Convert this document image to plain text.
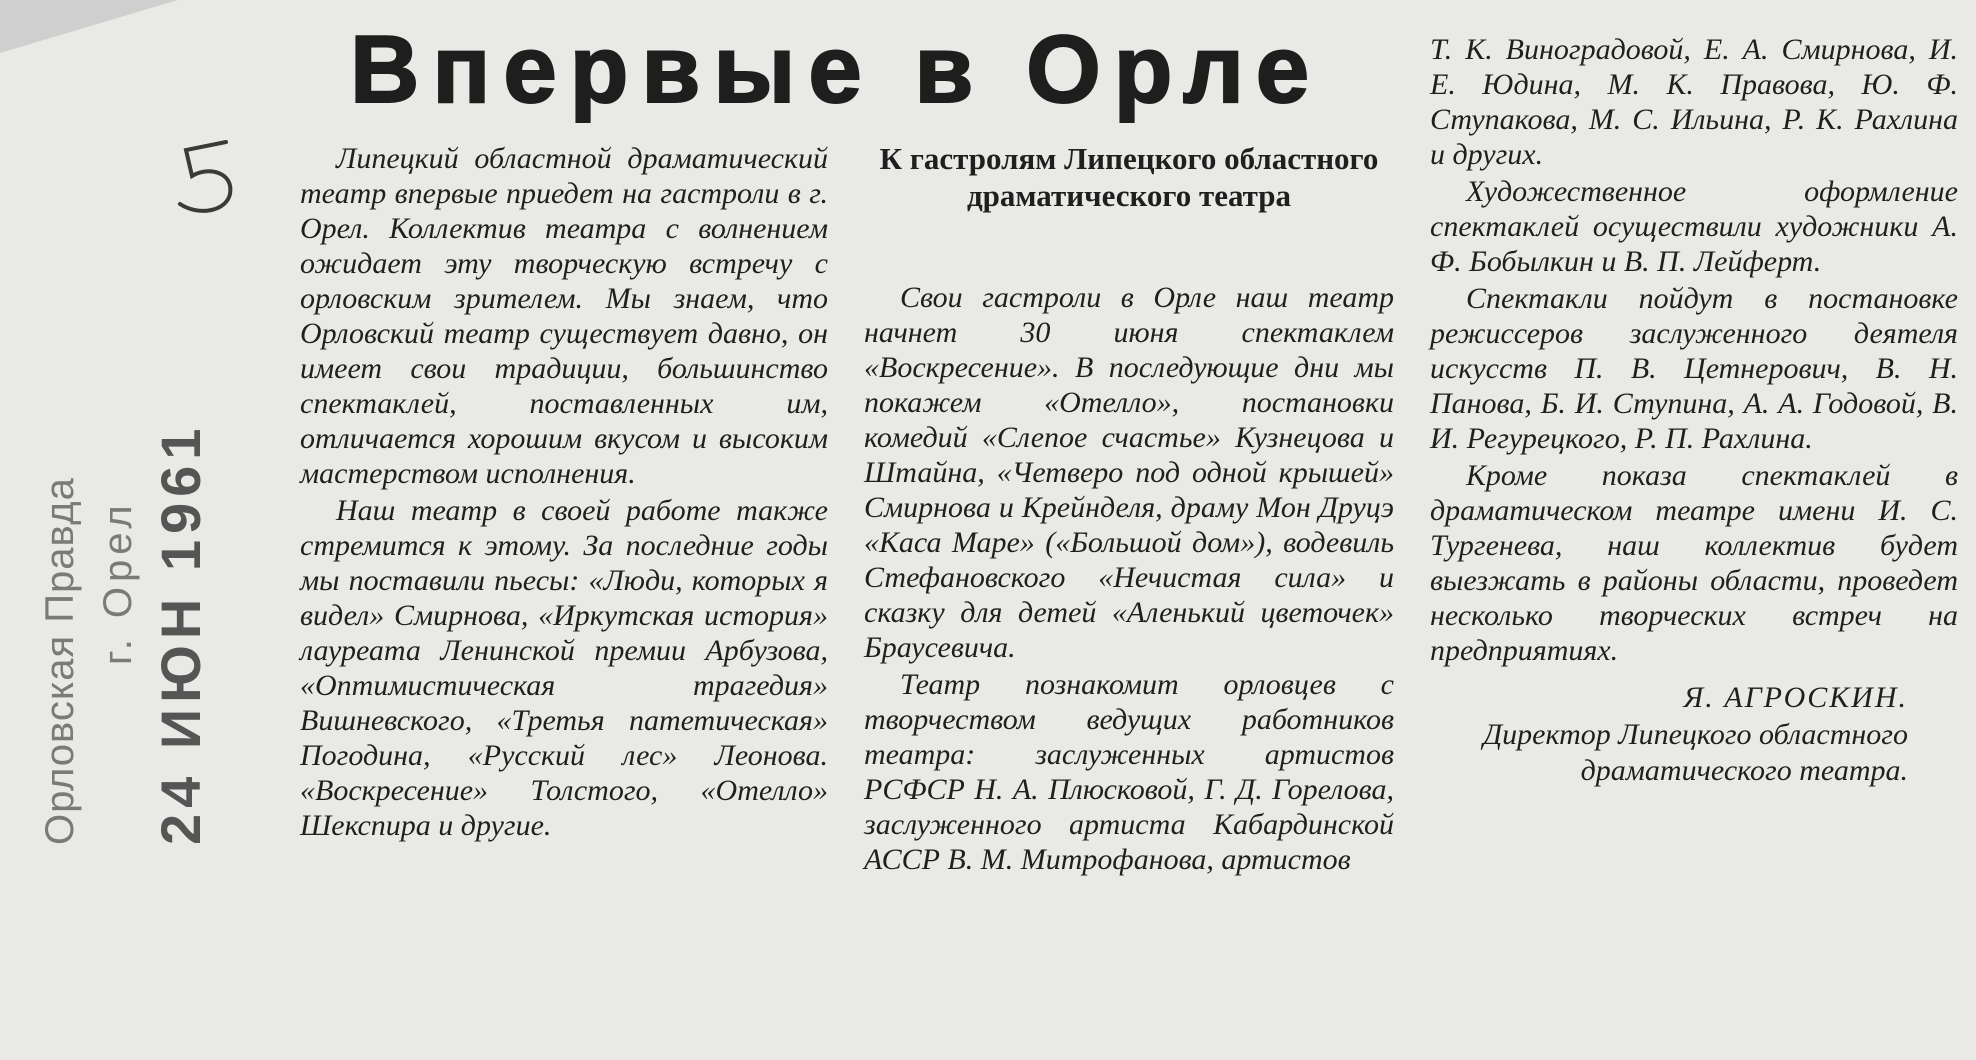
Орловская Правда г. Орел 24 ИЮН 1961
Впервые в Орле

Липецкий областной драматический театр впервые приедет на гастроли в г. Орел. Коллектив театра с волнением ожидает эту творческую встречу с орловским зрителем. Мы знаем, что Орловский театр существует давно, он имеет свои традиции, большинство спектаклей, поставленных им, отличается хорошим вкусом и высоким мастерством исполнения.

Наш театр в своей работе также стремится к этому. За последние годы мы поставили пьесы: «Люди, которых я видел» Смирнова, «Иркутская история» лауреата Ленинской премии Арбузова, «Оптимистическая трагедия» Вишневского, «Третья патетическая» Погодина, «Русский лес» Леонова. «Воскресение» Толстого, «Отелло» Шекспира и другие.

К гастролям Липецкого областного драматического театра

Свои гастроли в Орле наш театр начнет 30 июня спектаклем «Воскресение». В последующие дни мы покажем «Отелло», постановки комедий «Слепое счастье» Кузнецова и Штайна, «Четверо под одной крышей» Смирнова и Крейнделя, драму Мон Друцэ «Каса Маре» («Большой дом»), водевиль Стефановского «Нечистая сила» и сказку для детей «Аленький цветочек» Браусевича.

Театр познакомит орловцев с творчеством ведущих работников театра: заслуженных артистов РСФСР Н. А. Плюсковой, Г. Д. Горелова, заслуженного артиста Кабардинской АССР В. М. Митрофанова, артистов

Т. К. Виноградовой, Е. А. Смирнова, И. Е. Юдина, М. К. Правова, Ю. Ф. Ступакова, М. С. Ильина, Р. К. Рахлина и других.

Художественное оформление спектаклей осуществили художники А. Ф. Бобылкин и В. П. Лейферт.

Спектакли пойдут в постановке режиссеров заслуженного деятеля искусств П. В. Цетнерович, В. Н. Панова, Б. И. Ступина, А. А. Годовой, В. И. Регурецкого, Р. П. Рахлина.

Кроме показа спектаклей в драматическом театре имени И. С. Тургенева, наш коллектив будет выезжать в районы области, проведет несколько творческих встреч на предприятиях.

Я. АГРОСКИН.

Директор Липецкого областного драматического театра.
